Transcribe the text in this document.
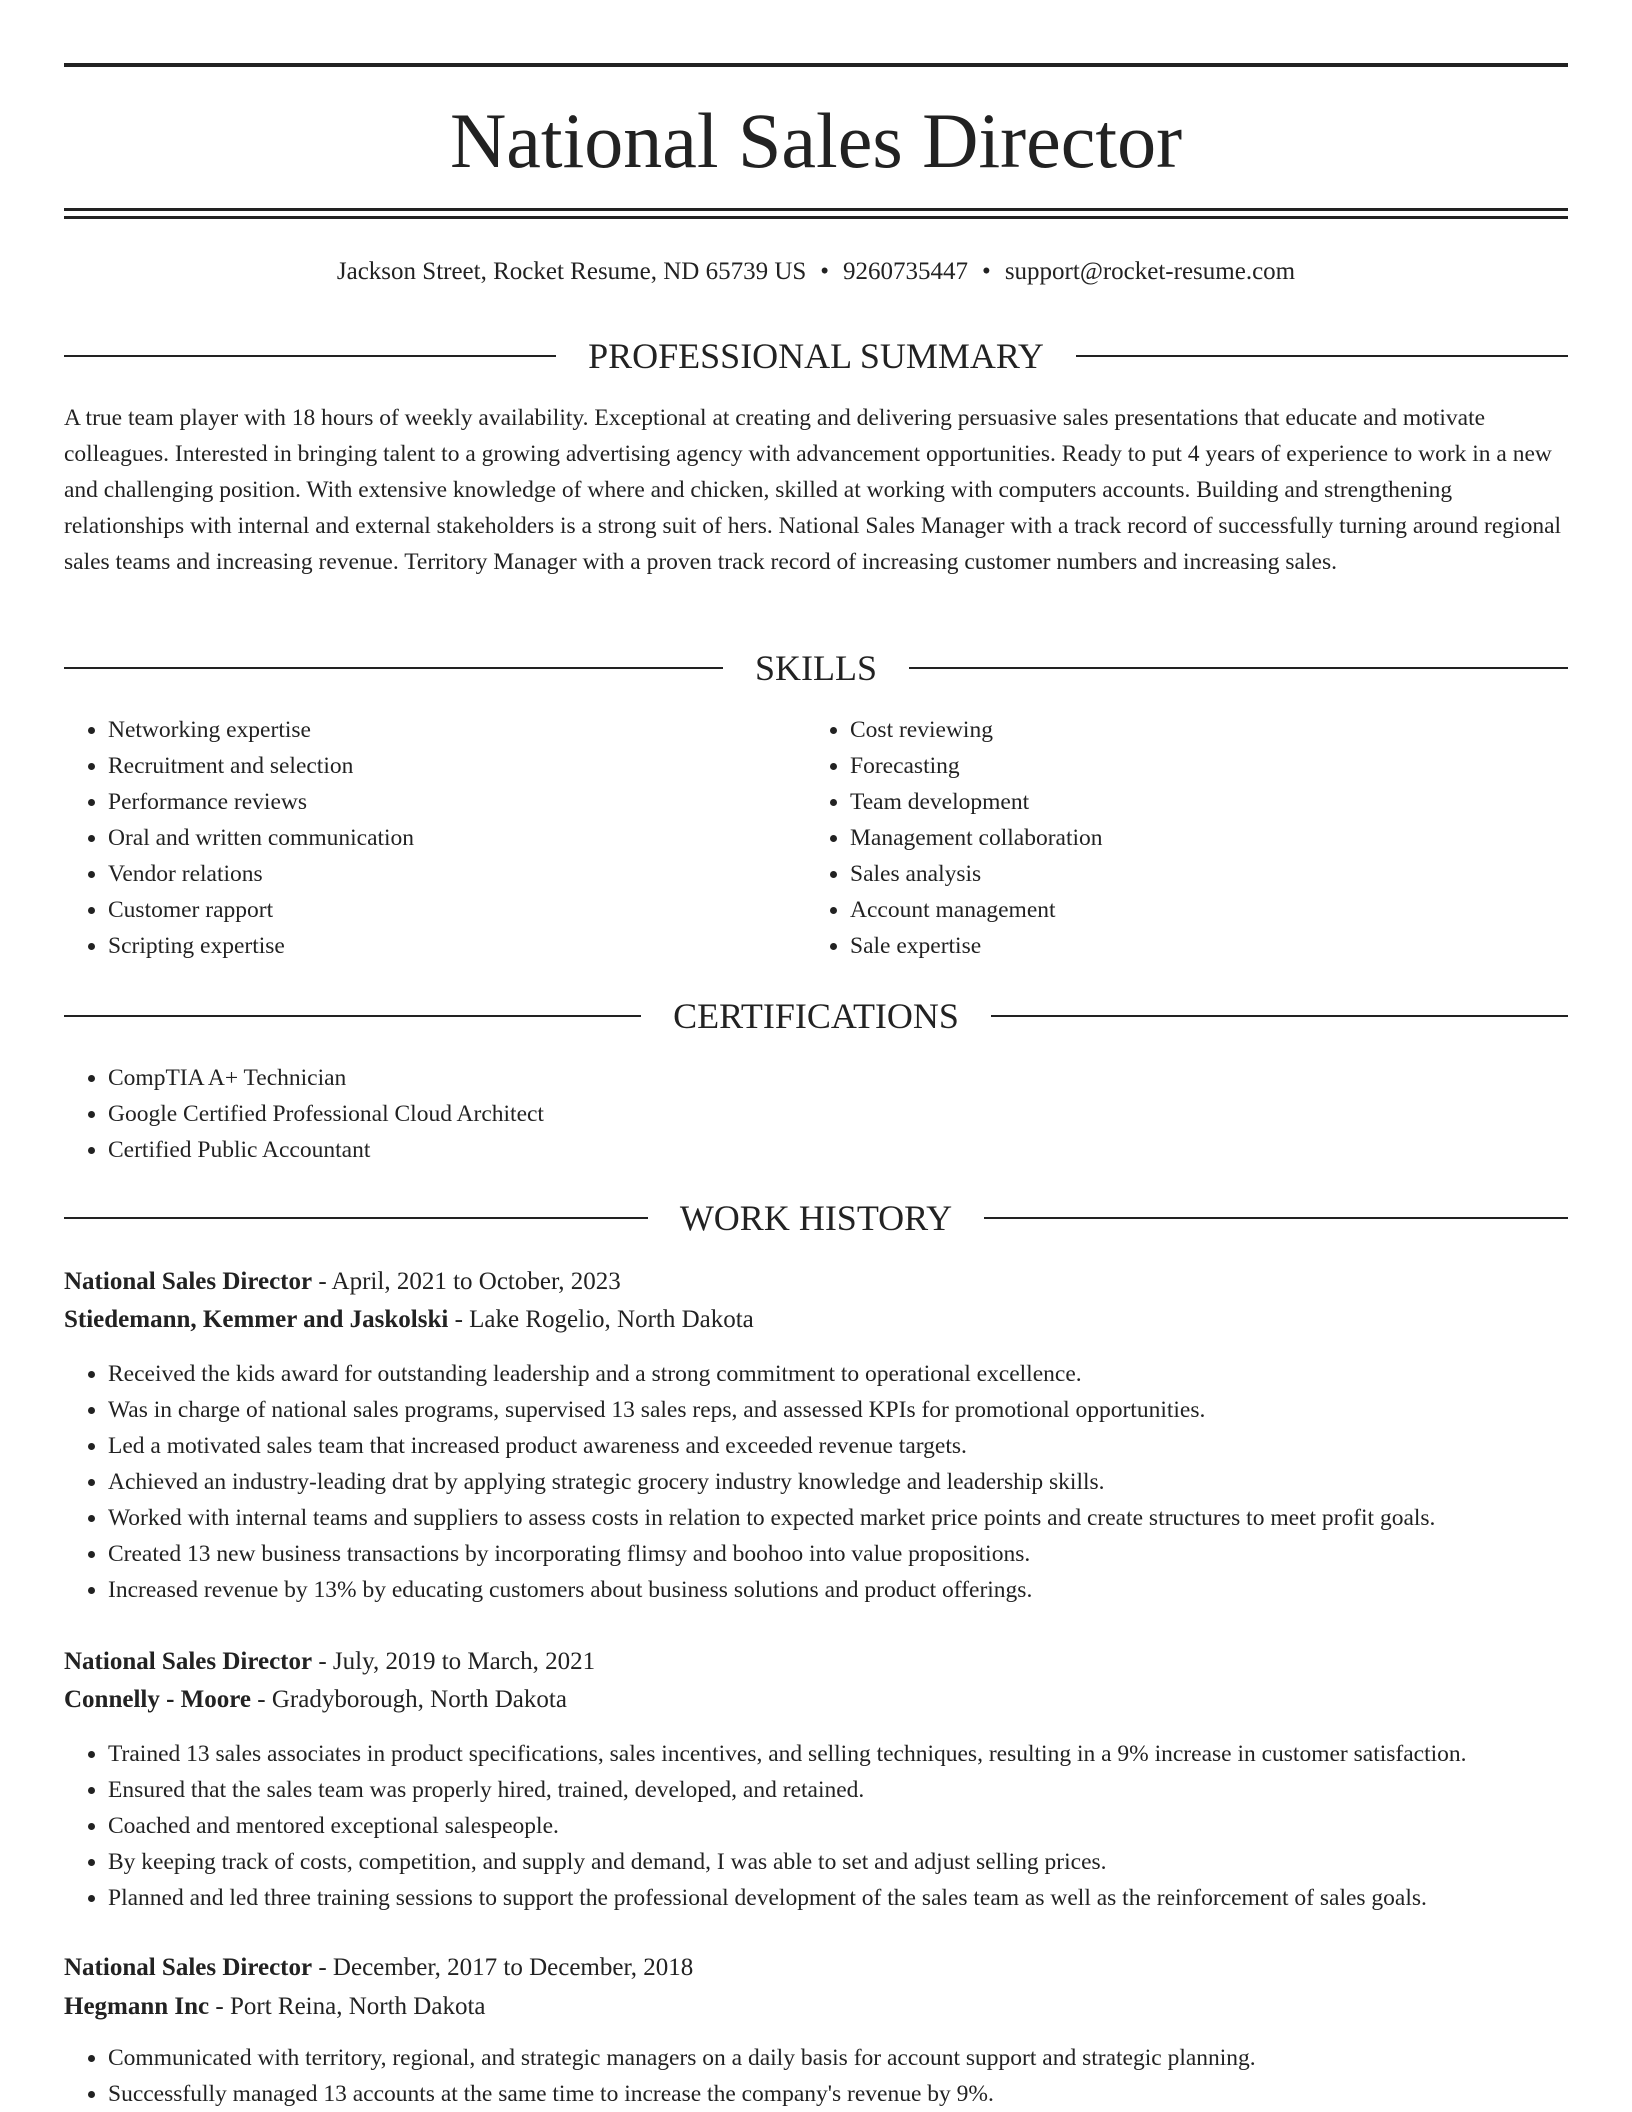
National Sales Director
Jackson Street, Rocket Resume, ND 65739 US • 9260735447 • support@rocket-resume.com
PROFESSIONAL SUMMARY

A true team player with 18 hours of weekly availability. Exceptional at creating and delivering persuasive sales presentations that educate and motivate colleagues. Interested in bringing talent to a growing advertising agency with advancement opportunities. Ready to put 4 years of experience to work in a new and challenging position. With extensive knowledge of where and chicken, skilled at working with computers accounts. Building and strengthening relationships with internal and external stakeholders is a strong suit of hers. National Sales Manager with a track record of successfully turning around regional sales teams and increasing revenue. Territory Manager with a proven track record of increasing customer numbers and increasing sales.

SKILLS
• Networking expertise
• Recruitment and selection
• Performance reviews
• Oral and written communication
• Vendor relations
• Customer rapport
• Scripting expertise
• Cost reviewing
• Forecasting
• Team development
• Management collaboration
• Sales analysis
• Account management
• Sale expertise
CERTIFICATIONS
• CompTIA A+ Technician
• Google Certified Professional Cloud Architect
• Certified Public Accountant
WORK HISTORY
National Sales Director - April, 2021 to October, 2023
Stiedemann, Kemmer and Jaskolski - Lake Rogelio, North Dakota
• Received the kids award for outstanding leadership and a strong commitment to operational excellence.
• Was in charge of national sales programs, supervised 13 sales reps, and assessed KPIs for promotional opportunities.
• Led a motivated sales team that increased product awareness and exceeded revenue targets.
• Achieved an industry-leading drat by applying strategic grocery industry knowledge and leadership skills.
• Worked with internal teams and suppliers to assess costs in relation to expected market price points and create structures to meet profit goals.
• Created 13 new business transactions by incorporating flimsy and boohoo into value propositions.
• Increased revenue by 13% by educating customers about business solutions and product offerings.
National Sales Director - July, 2019 to March, 2021
Connelly - Moore - Gradyborough, North Dakota
• Trained 13 sales associates in product specifications, sales incentives, and selling techniques, resulting in a 9% increase in customer satisfaction.
• Ensured that the sales team was properly hired, trained, developed, and retained.
• Coached and mentored exceptional salespeople.
• By keeping track of costs, competition, and supply and demand, I was able to set and adjust selling prices.
• Planned and led three training sessions to support the professional development of the sales team as well as the reinforcement of sales goals.
National Sales Director - December, 2017 to December, 2018
Hegmann Inc - Port Reina, North Dakota
• Communicated with territory, regional, and strategic managers on a daily basis for account support and strategic planning.
• Successfully managed 13 accounts at the same time to increase the company's revenue by 9%.
